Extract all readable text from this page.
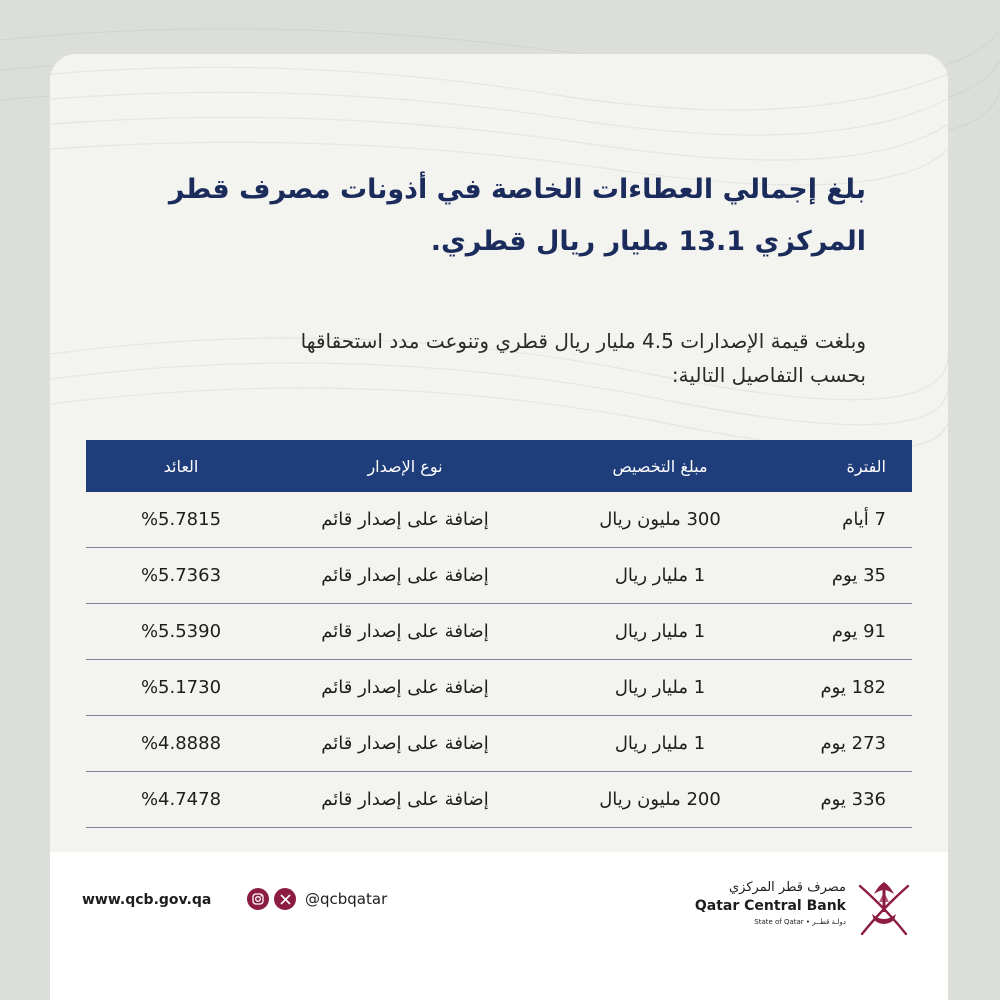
بلغ إجمالي العطاءات الخاصة في أذونات مصرف قطر
المركزي 13.1 مليار ريال قطري.
وبلغت قيمة الإصدارات 4.5 مليار ريال قطري وتنوعت مدد استحقاقها
بحسب التفاصيل التالية:
الفترة
مبلغ التخصيص
نوع الإصدار
العائد
7 أيام
300 مليون ريال
إضافة على إصدار قائم
%5.7815
35 يوم
1 مليار ريال
إضافة على إصدار قائم
%5.7363
91 يوم
1 مليار ريال
إضافة على إصدار قائم
%5.5390
182 يوم
1 مليار ريال
إضافة على إصدار قائم
%5.1730
273 يوم
1 مليار ريال
إضافة على إصدار قائم
%4.8888
336 يوم
200 مليون ريال
إضافة على إصدار قائم
%4.7478
www.qcb.gov.qa	@qcbqatar
مصرف قطر المركزي
Qatar Central Bank
State of Qatar • دولـة قطــر
